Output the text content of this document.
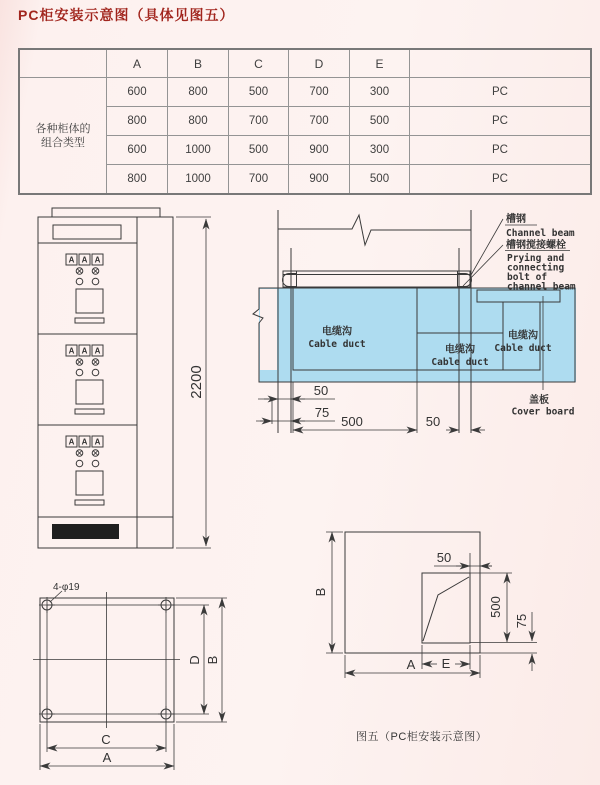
PC柜安装示意图（具体见图五）
	A	B	C	D	E	

各种柜体的
组合类型	600	800	500	700	300	PC
	800	800	700	700	500	PC
	600	1000	500	900	300	PC
	800	1000	700	900	500	PC
2200
槽钢
Channel beam
槽钢搅接螺栓
Prying and
connecting
bolt of
channel beam
电缆沟
Cable duct	电缆沟
Cable duct
电缆沟
Cable duct
盖板
Cover board
50
75
500	50
4-φ19
C
A
D B
50
500
75
B
A E
图五（PC柜安装示意图）
